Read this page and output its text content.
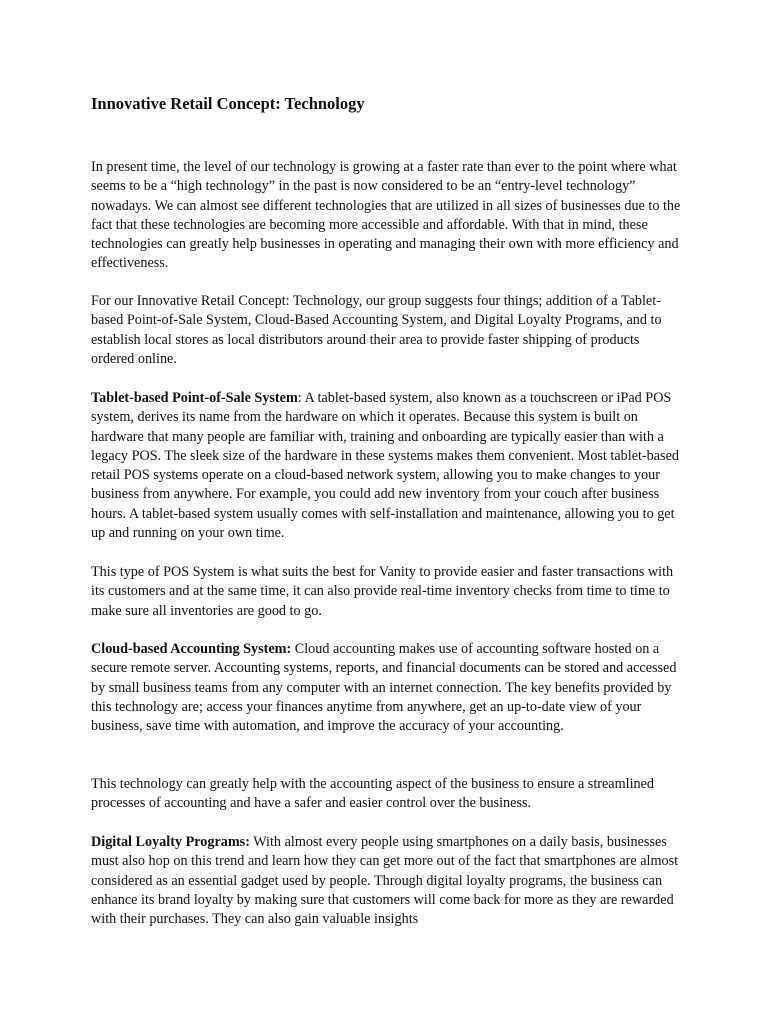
Innovative Retail Concept: Technology

In present time, the level of our technology is growing at a faster rate than ever to the point where what seems to be a “high technology” in the past is now considered to be an “entry-level technology” nowadays. We can almost see different technologies that are utilized in all sizes of businesses due to the fact that these technologies are becoming more accessible and affordable. With that in mind, these technologies can greatly help businesses in operating and managing their own with more efficiency and effectiveness.

For our Innovative Retail Concept: Technology, our group suggests four things; addition of a Tablet-based Point-of-Sale System, Cloud-Based Accounting System, and Digital Loyalty Programs, and to establish local stores as local distributors around their area to provide faster shipping of products ordered online.

Tablet-based Point-of-Sale System: A tablet-based system, also known as a touchscreen or iPad POS system, derives its name from the hardware on which it operates. Because this system is built on hardware that many people are familiar with, training and onboarding are typically easier than with a legacy POS. The sleek size of the hardware in these systems makes them convenient. Most tablet-based retail POS systems operate on a cloud-based network system, allowing you to make changes to your business from anywhere. For example, you could add new inventory from your couch after business hours. A tablet-based system usually comes with self-installation and maintenance, allowing you to get up and running on your own time.

This type of POS System is what suits the best for Vanity to provide easier and faster transactions with its customers and at the same time, it can also provide real-time inventory checks from time to time to make sure all inventories are good to go.

Cloud-based Accounting System: Cloud accounting makes use of accounting software hosted on a secure remote server. Accounting systems, reports, and financial documents can be stored and accessed by small business teams from any computer with an internet connection. The key benefits provided by this technology are; access your finances anytime from anywhere, get an up-to-date view of your business, save time with automation, and improve the accuracy of your accounting.

This technology can greatly help with the accounting aspect of the business to ensure a streamlined processes of accounting and have a safer and easier control over the business.

Digital Loyalty Programs: With almost every people using smartphones on a daily basis, businesses must also hop on this trend and learn how they can get more out of the fact that smartphones are almost considered as an essential gadget used by people. Through digital loyalty programs, the business can enhance its brand loyalty by making sure that customers will come back for more as they are rewarded with their purchases. They can also gain valuable insights
